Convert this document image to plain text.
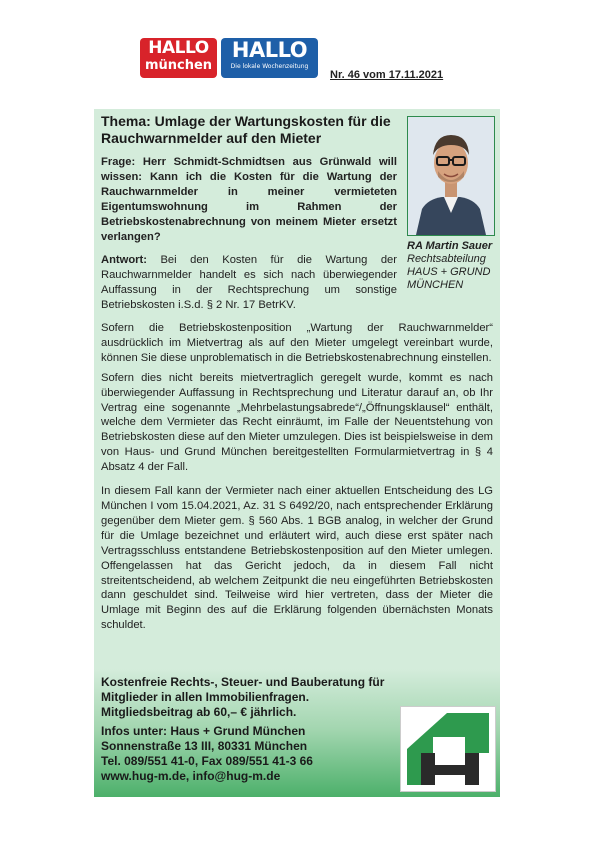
HALLO
münchen
HALLO
Die lokale Wochenzeitung
Nr. 46 vom 17.11.2021
Thema: Umlage der Wartungskosten für die Rauchwarnmelder auf den Mieter
Frage: Herr Schmidt-Schmidtsen aus Grünwald will wissen: Kann ich die Kosten für die Wartung der Rauchwarnmelder in meiner vermieteten Eigentumswohnung im Rahmen der Betriebskostenabrechnung von meinem Mieter ersetzt verlangen?
Antwort: Bei den Kosten für die Wartung der Rauchwarnmelder handelt es sich nach überwiegender Auffassung in der Rechtsprechung um sonstige Betriebskosten i.S.d. § 2 Nr. 17 BetrKV.
Sofern die Betriebskostenposition „Wartung der Rauchwarnmelder“ ausdrücklich im Mietvertrag als auf den Mieter umgelegt vereinbart wurde, können Sie diese unproblematisch in die Betriebskostenabrechnung einstellen.
Sofern dies nicht bereits mietvertraglich geregelt wurde, kommt es nach überwiegender Auffassung in Rechtsprechung und Literatur darauf an, ob Ihr Vertrag eine sogenannte „Mehrbelastungsabrede“/„Öffnungsklausel“ enthält, welche dem Vermieter das Recht einräumt, im Falle der Neuentstehung von Betriebskosten diese auf den Mieter umzulegen. Dies ist beispielsweise in dem von Haus- und Grund München bereitgestellten Formularmietvertrag in § 4 Absatz 4 der Fall.
In diesem Fall kann der Vermieter nach einer aktuellen Entscheidung des LG München I vom 15.04.2021, Az. 31 S 6492/20, nach entsprechender Erklärung gegenüber dem Mieter gem. § 560 Abs. 1 BGB analog, in welcher der Grund für die Umlage bezeichnet und erläutert wird, auch diese erst später nach Vertragsschluss entstandene Betriebskostenposition auf den Mieter umlegen. Offengelassen hat das Gericht jedoch, da in diesem Fall nicht streitentscheidend, ab welchem Zeitpunkt die neu eingeführten Betriebskosten dann geschuldet sind. Teilweise wird hier vertreten, dass der Mieter die Umlage mit Beginn des auf die Erklärung folgenden übernächsten Monats schuldet.
RA Martin Sauer
Rechtsabteilung
HAUS + GRUND
MÜNCHEN
Kostenfreie Rechts-, Steuer- und Bauberatung für Mitglieder in allen Immobilienfragen.
Mitgliedsbeitrag ab 60,– € jährlich.
Infos unter: Haus + Grund München
Sonnenstraße 13 III, 80331 München
Tel. 089/551 41-0, Fax 089/551 41-3 66
www.hug-m.de, info@hug-m.de
